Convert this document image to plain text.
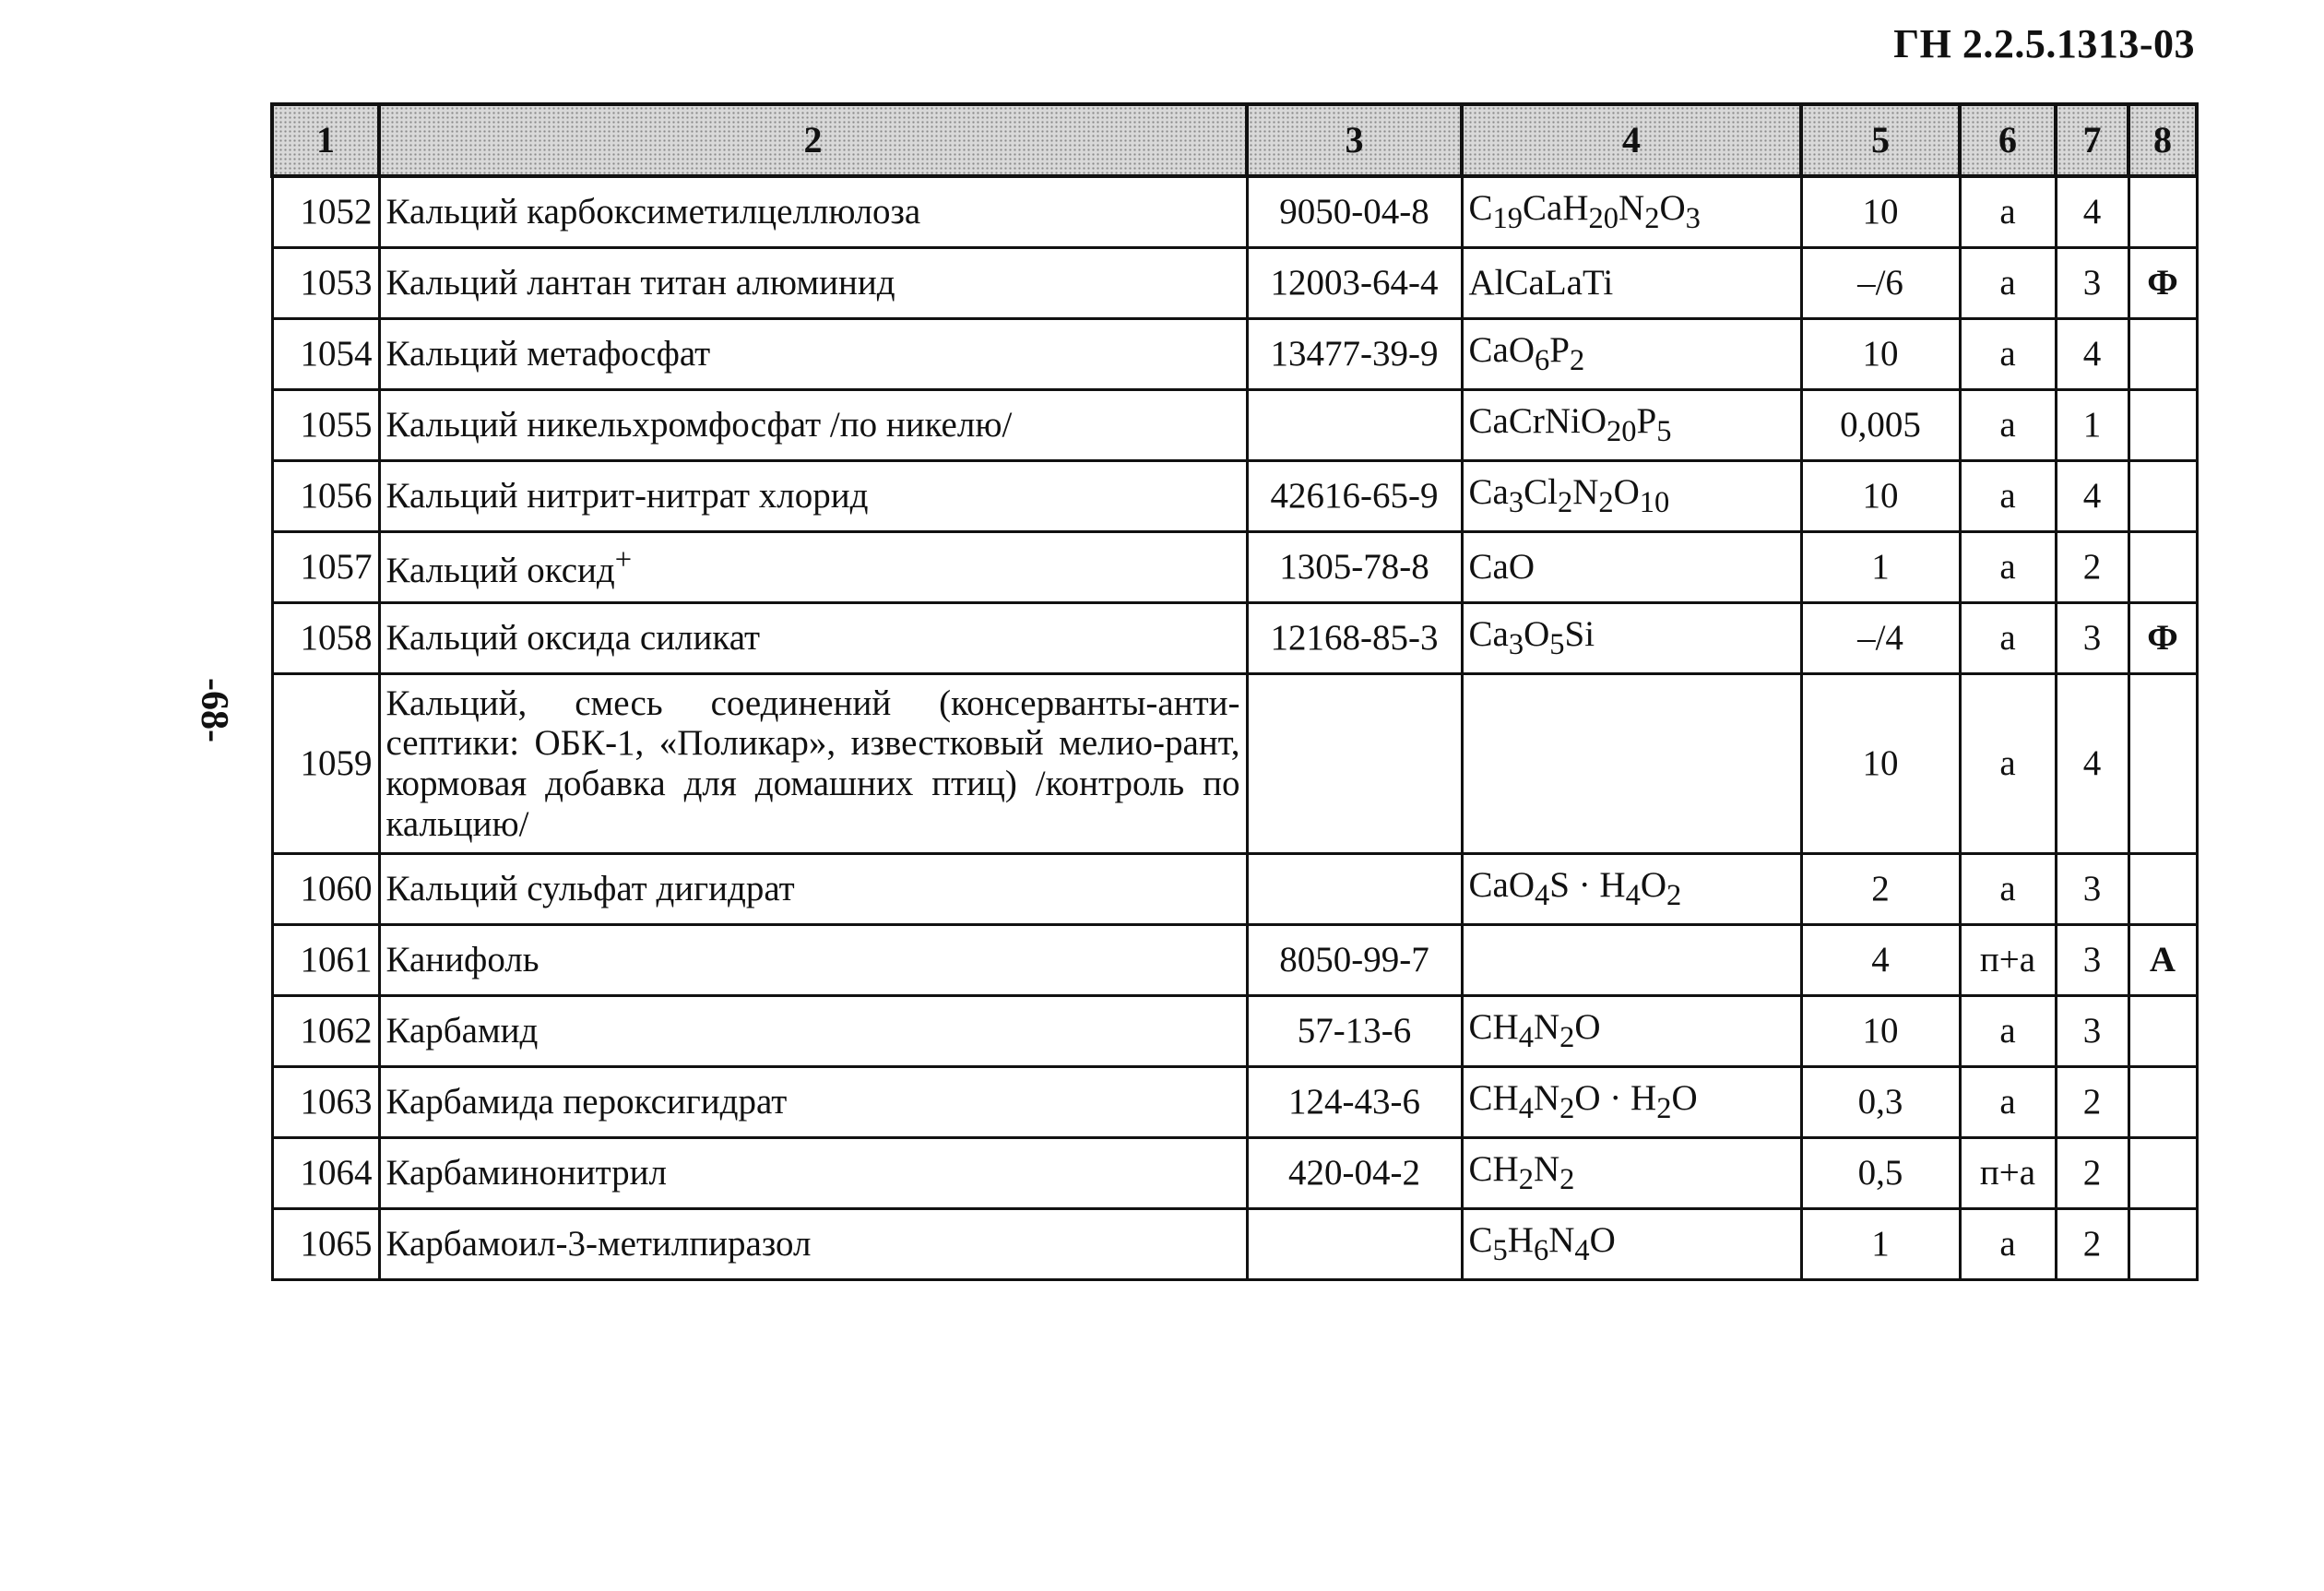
ГН 2.2.5.1313-03
-68-
1	2	3	4	5	6	7	8
1052	Кальций карбоксиметилцеллюлоза	9050-04-8	$C_{19}CaH_{20}N_2O_3$	10	а	4	
1053	Кальций лантан титан алюминид	12003-64-4	AlCaLaTi	–/6	а	3	Ф
1054	Кальций метафосфат	13477-39-9	$CaO_6P_2$	10	а	4	
1055	Кальций никельхромфосфат /по никелю/		$CaCrNiO_{20}P_5$	0,005	а	1	
1056	Кальций нитрит-нитрат хлорид	42616-65-9	$Ca_3Cl_2N_2O_{10}$	10	а	4	
1057	Кальций оксид+	1305-78-8	CaO	1	а	2	
1058	Кальций оксида силикат	12168-85-3	$Ca_3O_5Si$	–/4	а	3	Ф
1059	Кальций, смесь соединений (консерванты-анти-септики: ОБК-1, «Поликар», известковый мелио-рант, кормовая добавка для домашних птиц) /контроль по кальцию/			10	а	4	
1060	Кальций сульфат дигидрат		$CaO_4S \cdot H_4O_2$	2	а	3	
1061	Канифоль	8050-99-7		4	п+а	3	А
1062	Карбамид	57-13-6	$CH_4N_2O$	10	а	3	
1063	Карбамида пероксигидрат	124-43-6	$CH_4N_2O \cdot H_2O$	0,3	а	2	
1064	Карбаминонитрил	420-04-2	$CH_2N_2$	0,5	п+а	2	
1065	Карбамоил-3-метилпиразол		$C_5H_6N_4O$	1	а	2	
